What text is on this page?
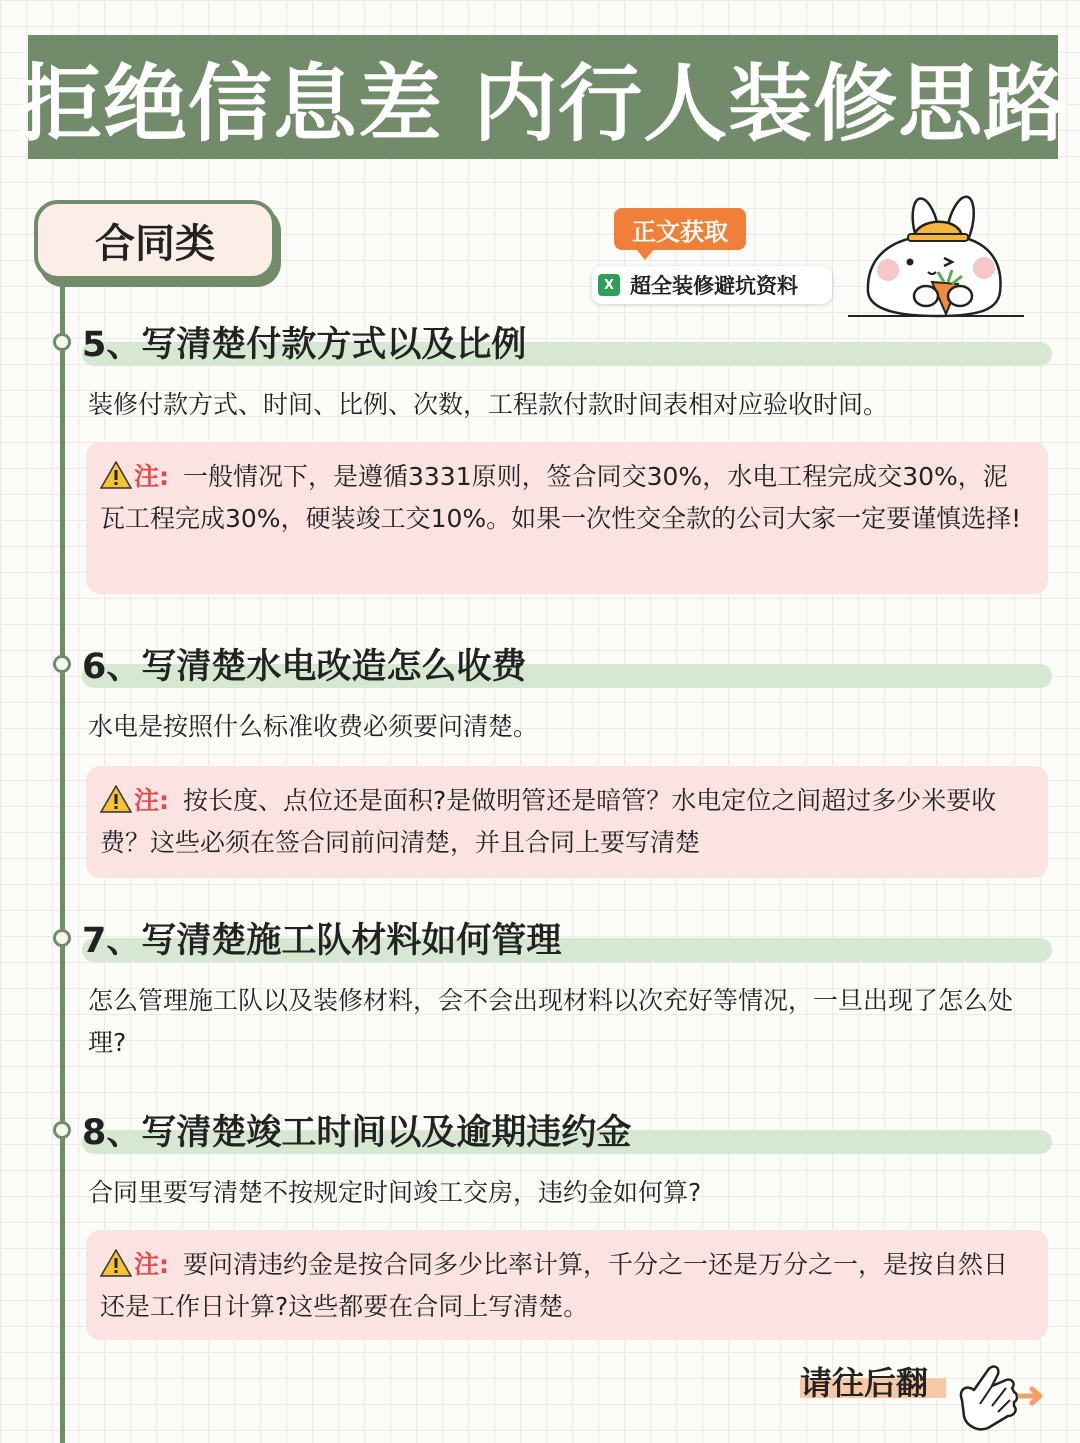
拒绝信息差 内行人装修思路
合同类	正文获取
X 超全装修避坑资料
5、写清楚付款方式以及比例
装修付款方式、时间、比例、次数，工程款付款时间表相对应验收时间。
注: 一般情况下，是遵循3331原则，签合同交30%，水电工程完成交30%，泥瓦工程完成30%，硬装竣工交10%。如果一次性交全款的公司大家一定要谨慎选择!
6、写清楚水电改造怎么收费
水电是按照什么标准收费必须要问清楚。
注: 按长度、点位还是面积?是做明管还是暗管？水电定位之间超过多少米要收费？这些必须在签合同前问清楚，并且合同上要写清楚
7、写清楚施工队材料如何管理
怎么管理施工队以及装修材料，会不会出现材料以次充好等情况，一旦出现了怎么处理?
8、写清楚竣工时间以及逾期违约金
合同里要写清楚不按规定时间竣工交房，违约金如何算?
注: 要问清违约金是按合同多少比率计算，千分之一还是万分之一，是按自然日还是工作日计算?这些都要在合同上写清楚。
请往后翻
